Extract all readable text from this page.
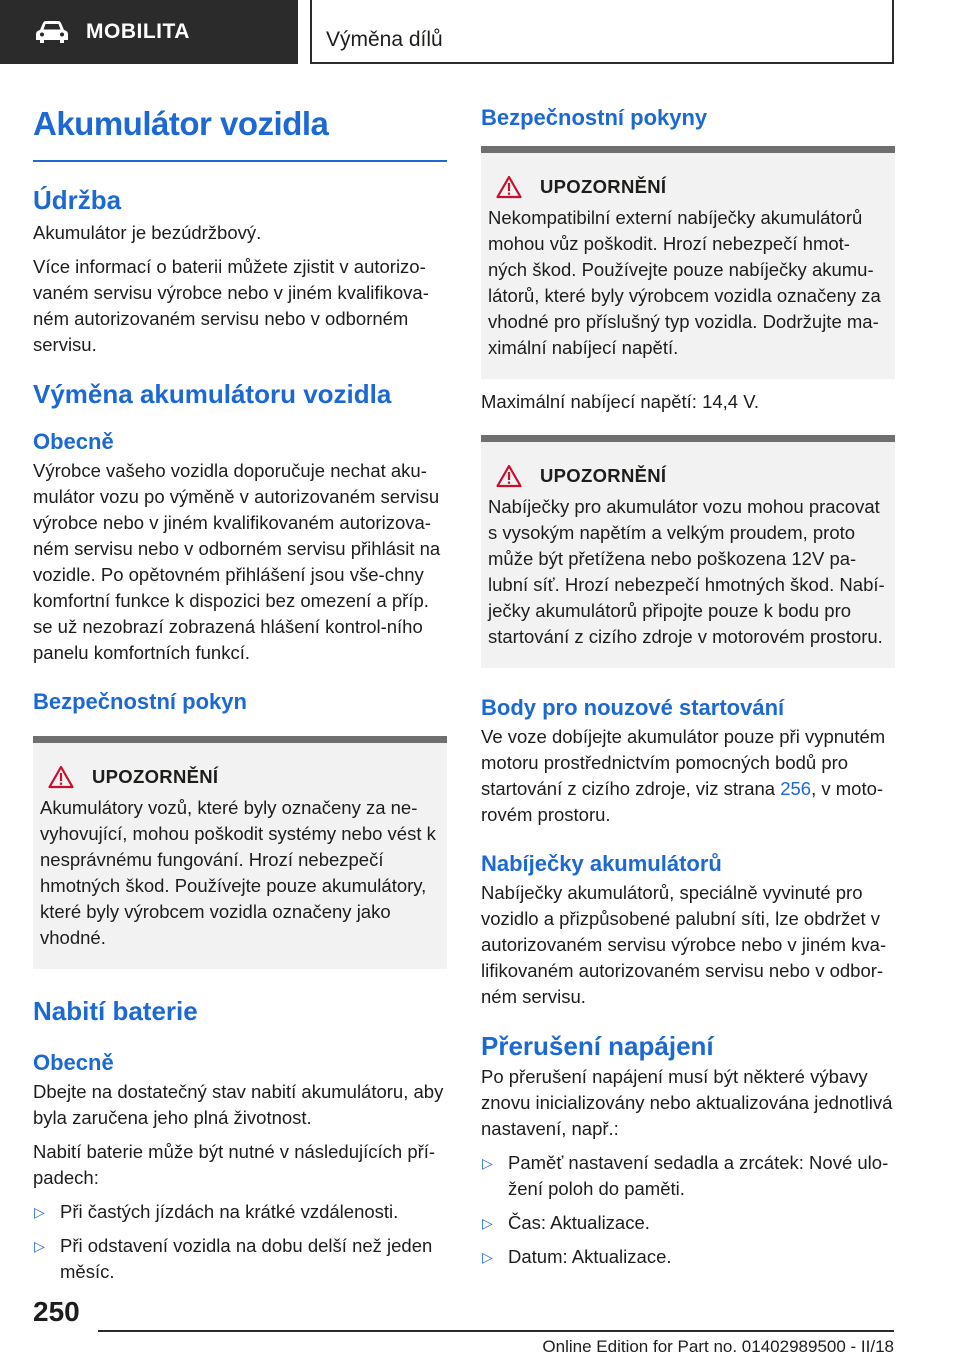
MOBILITA	Výměna dílů
Akumulátor vozidla
Údržba

Akumulátor je bezúdržbový.

Více informací o baterii můžete zjistit v autorizo‐vaném servisu výrobce nebo v jiném kvalifikova‐ném autorizovaném servisu nebo v odborném servisu.

Výměna akumulátoru vozidla
Obecně

Výrobce vašeho vozidla doporučuje nechat aku‐mulátor vozu po výměně v autorizovaném servisu výrobce nebo v jiném kvalifikovaném autorizova‐ném servisu nebo v odborném servisu přihlásit na vozidle. Po opětovném přihlášení jsou vše‐chny komfortní funkce k dispozici bez omezení a příp. se už nezobrazí zobrazená hlášení kontrol‐ního panelu komfortních funkcí.

Bezpečnostní pokyn
UPOZORNĚNÍ

Akumulátory vozů, které byly označeny za ne‐vyhovující, mohou poškodit systémy nebo vést k nesprávnému fungování. Hrozí nebezpečí hmotných škod. Používejte pouze akumulátory, které byly výrobcem vozidla označeny jako vhodné.

Nabití baterie
Obecně

Dbejte na dostatečný stav nabití akumulátoru, aby byla zaručena jeho plná životnost.

Nabití baterie může být nutné v následujících pří‐padech:

▷ Při častých jízdách na krátké vzdálenosti.
▷ Při odstavení vozidla na dobu delší než jeden měsíc.
Bezpečnostní pokyny
UPOZORNĚNÍ

Nekompatibilní externí nabíječky akumulátorů mohou vůz poškodit. Hrozí nebezpečí hmot‐ných škod. Používejte pouze nabíječky akumu‐látorů, které byly výrobcem vozidla označeny za vhodné pro příslušný typ vozidla. Dodržujte ma‐ximální nabíjecí napětí.

Maximální nabíjecí napětí: 14,4 V.

UPOZORNĚNÍ

Nabíječky pro akumulátor vozu mohou pracovat s vysokým napětím a velkým proudem, proto může být přetížena nebo poškozena 12V pa‐lubní síť. Hrozí nebezpečí hmotných škod. Nabí‐ječky akumulátorů připojte pouze k bodu pro startování z cizího zdroje v motorovém prostoru.

Body pro nouzové startování

Ve voze dobíjejte akumulátor pouze při vypnutém motoru prostřednictvím pomocných bodů pro startování z cizího zdroje, viz strana 256, v moto‐rovém prostoru.

Nabíječky akumulátorů

Nabíječky akumulátorů, speciálně vyvinuté pro vozidlo a přizpůsobené palubní síti, lze obdržet v autorizovaném servisu výrobce nebo v jiném kva‐lifikovaném autorizovaném servisu nebo v odbor‐ném servisu.

Přerušení napájení

Po přerušení napájení musí být některé výbavy znovu inicializovány nebo aktualizována jednotlivá nastavení, např.:

▷ Paměť nastavení sedadla a zrcátek: Nové ulo‐žení poloh do paměti.
▷ Čas: Aktualizace.
▷ Datum: Aktualizace.
250
Online Edition for Part no. 01402989500 - II/18
